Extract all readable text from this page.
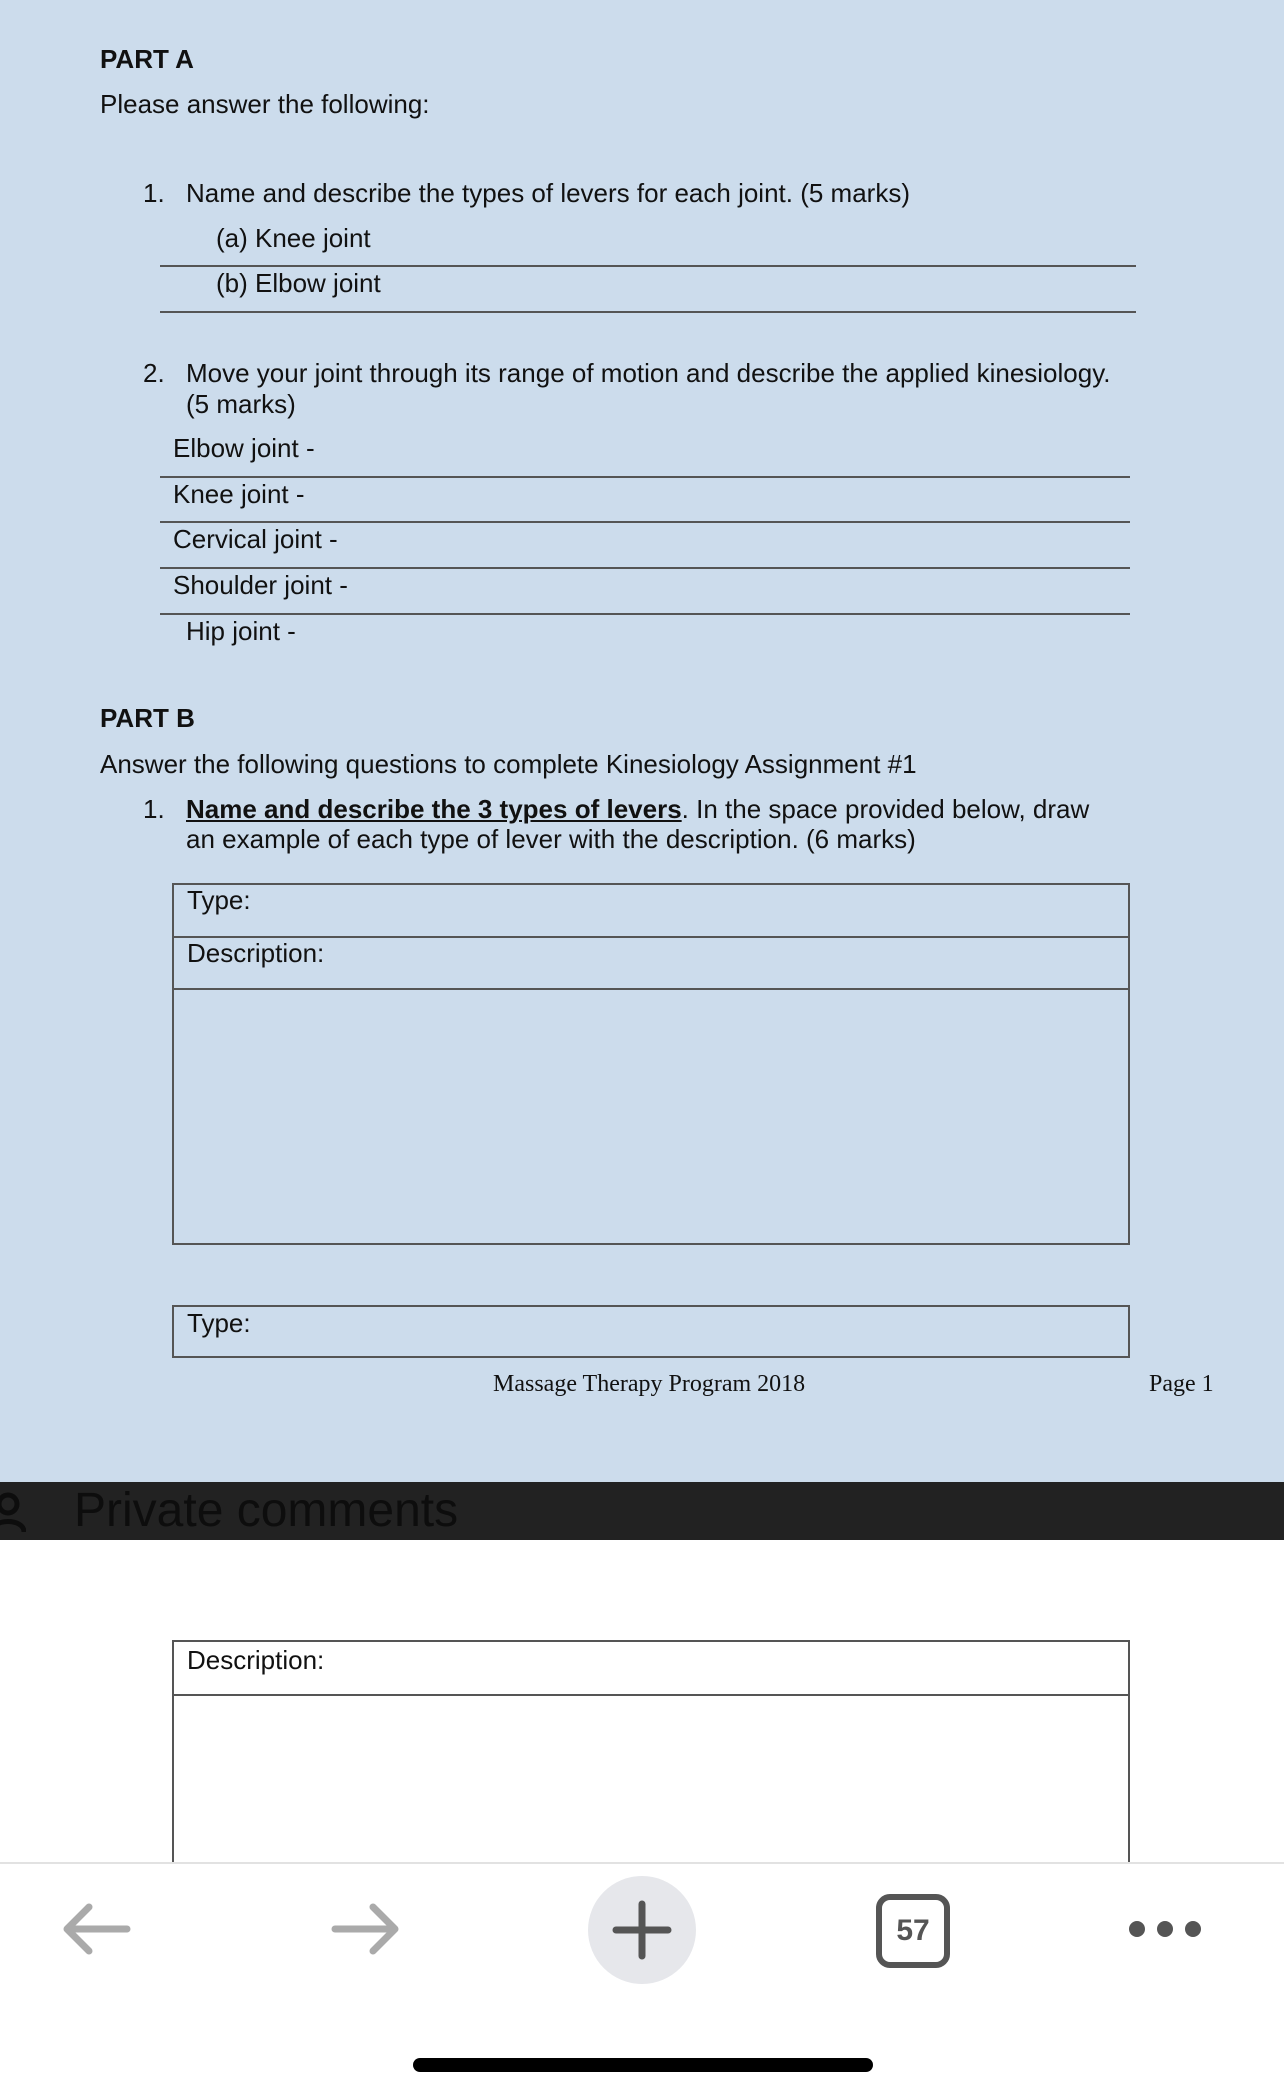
PART A
Please answer the following:
1. Name and describe the types of levers for each joint. (5 marks)
(a) Knee joint
(b) Elbow joint
2. Move your joint through its range of motion and describe the applied kinesiology.
(5 marks)
Elbow joint -
Knee joint -
Cervical joint -
Shoulder joint -
Hip joint -
PART B
Answer the following questions to complete Kinesiology Assignment #1
1. Name and describe the 3 types of levers. In the space provided below, draw
an example of each type of lever with the description. (6 marks)
Type:
Description:
Type:
Massage Therapy Program 2018	Page 1
Private comments
Description:
57
